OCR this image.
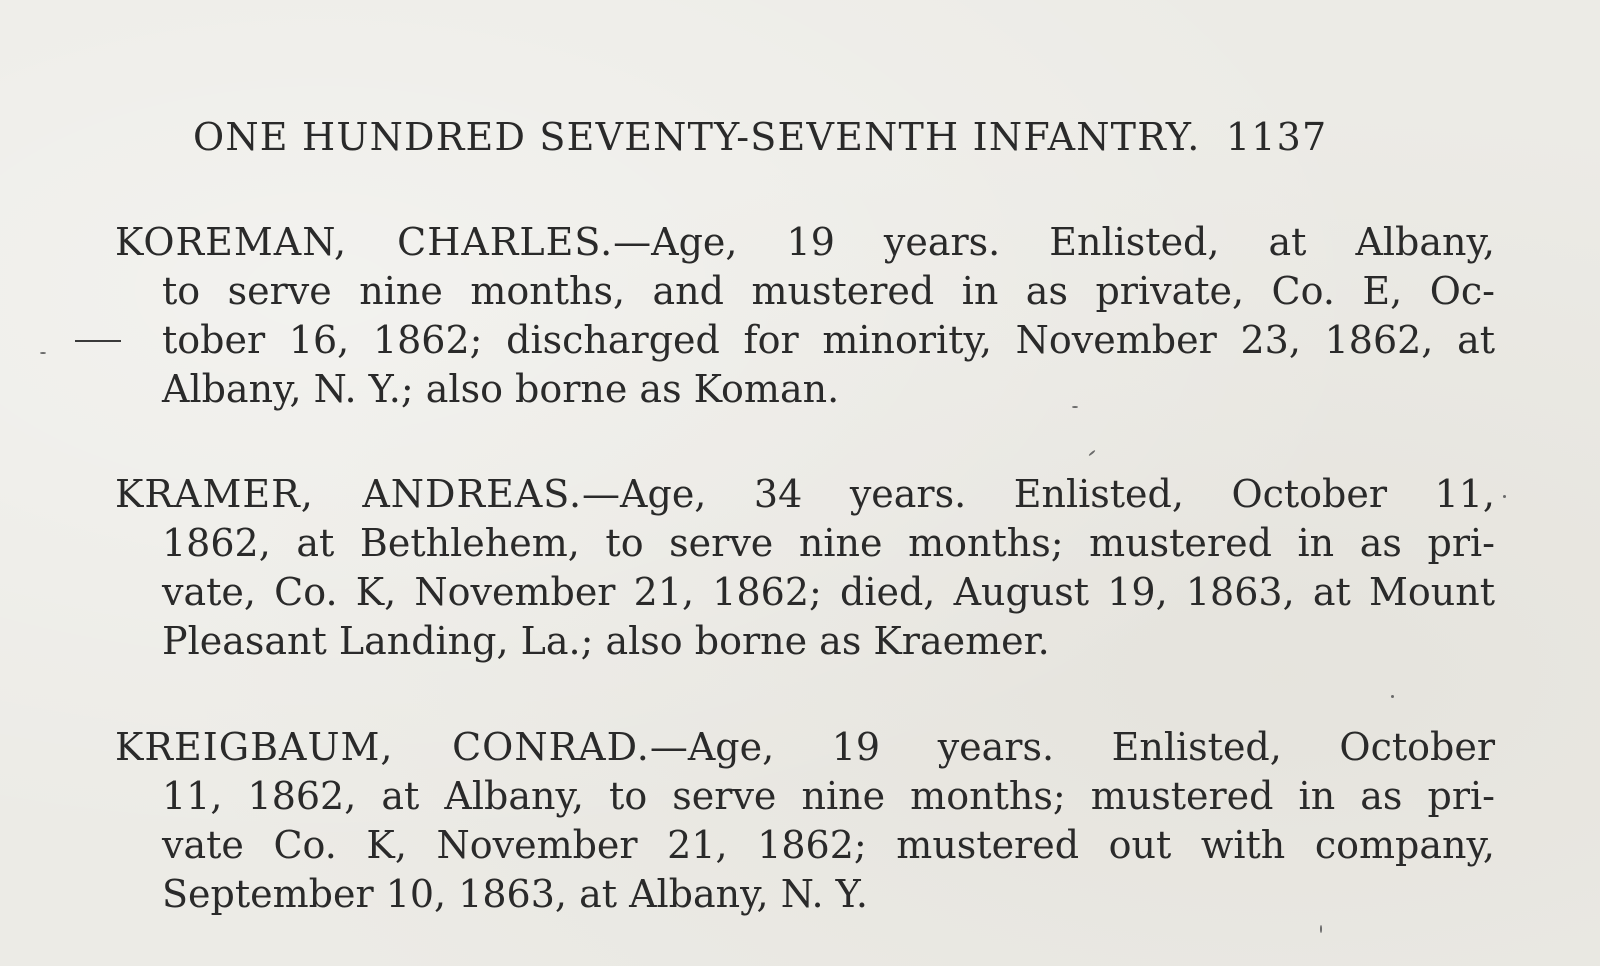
ONE HUNDRED SEVENTY-SEVENTH INFANTRY. 1137
KOREMAN, CHARLES.—Age, 19 years. Enlisted, at Albany,
to serve nine months, and mustered in as private, Co. E, Oc-
tober 16, 1862; discharged for minority, November 23, 1862, at
Albany, N. Y.; also borne as Koman.
KRAMER, ANDREAS.—Age, 34 years. Enlisted, October 11,
1862, at Bethlehem, to serve nine months; mustered in as pri-
vate, Co. K, November 21, 1862; died, August 19, 1863, at Mount
Pleasant Landing, La.; also borne as Kraemer.
KREIGBAUM, CONRAD.—Age, 19 years. Enlisted, October
11, 1862, at Albany, to serve nine months; mustered in as pri-
vate Co. K, November 21, 1862; mustered out with company,
September 10, 1863, at Albany, N. Y.
